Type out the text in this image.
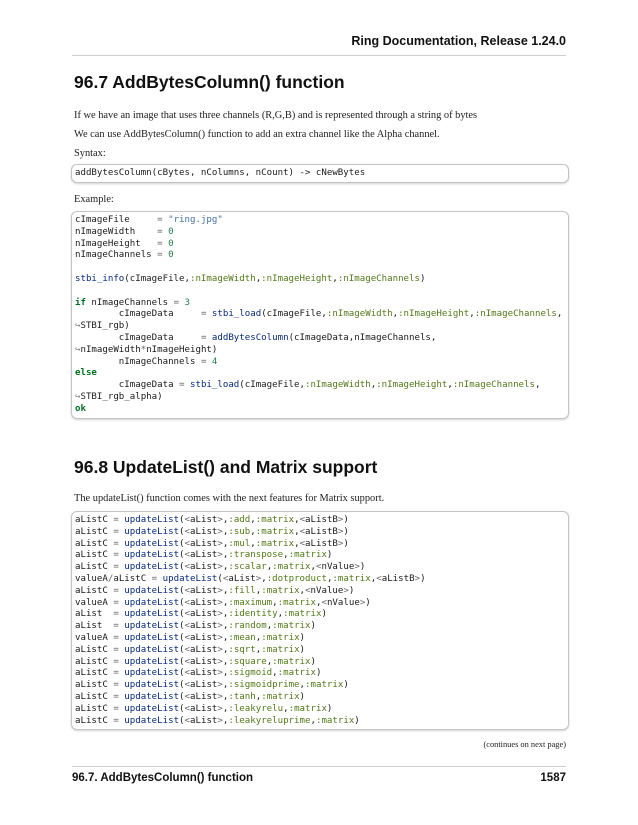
Ring Documentation, Release 1.24.0
96.7 AddBytesColumn() function

If we have an image that uses three channels (R,G,B) and is represented through a string of bytes

We can use AddBytesColumn() function to add an extra channel like the Alpha channel.

Syntax:

addBytesColumn(cBytes, nColumns, nCount) -> cNewBytes

Example:

cImageFile     = "ring.jpg"
nImageWidth    = 0
nImageHeight   = 0
nImageChannels = 0

stbi_info(cImageFile,:nImageWidth,:nImageHeight,:nImageChannels)

if nImageChannels = 3
cImageData     = stbi_load(cImageFile,:nImageWidth,:nImageHeight,:nImageChannels,
↪STBI_rgb)
cImageData     = addBytesColumn(cImageData,nImageChannels,
↪nImageWidth*nImageHeight)
nImageChannels = 4
else
cImageData = stbi_load(cImageFile,:nImageWidth,:nImageHeight,:nImageChannels,
↪STBI_rgb_alpha)
ok
96.8 UpdateList() and Matrix support

The updateList() function comes with the next features for Matrix support.

aListC = updateList(<aList>,:add,:matrix,<aListB>)
aListC = updateList(<aList>,:sub,:matrix,<aListB>)
aListC = updateList(<aList>,:mul,:matrix,<aListB>)
aListC = updateList(<aList>,:transpose,:matrix)
aListC = updateList(<aList>,:scalar,:matrix,<nValue>)
valueA/aListC = updateList(<aList>,:dotproduct,:matrix,<aListB>)
aListC = updateList(<aList>,:fill,:matrix,<nValue>)
valueA = updateList(<aList>,:maximum,:matrix,<nValue>)
aList  = updateList(<aList>,:identity,:matrix)
aList  = updateList(<aList>,:random,:matrix)
valueA = updateList(<aList>,:mean,:matrix)
aListC = updateList(<aList>,:sqrt,:matrix)
aListC = updateList(<aList>,:square,:matrix)
aListC = updateList(<aList>,:sigmoid,:matrix)
aListC = updateList(<aList>,:sigmoidprime,:matrix)
aListC = updateList(<aList>,:tanh,:matrix)
aListC = updateList(<aList>,:leakyrelu,:matrix)
aListC = updateList(<aList>,:leakyreluprime,:matrix)
(continues on next page)
96.7. AddBytesColumn() function	1587
